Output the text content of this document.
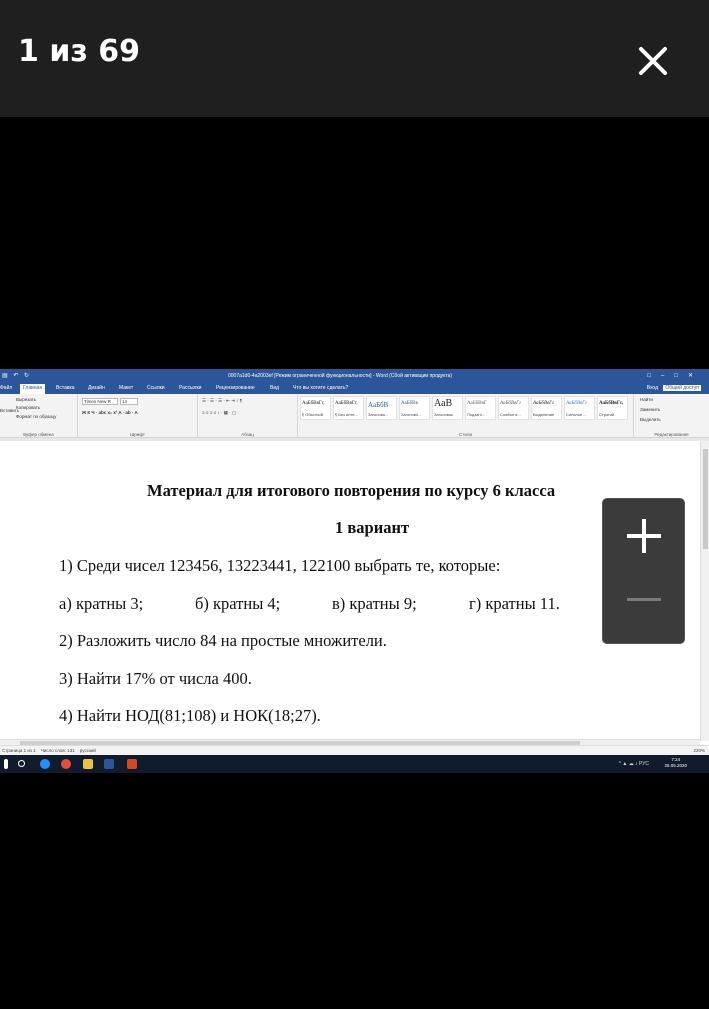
1 из 69
▤ ↶ ↻	0007a1d0-4a2003ef [Режим ограниченной функциональности] - Word (Сбой активации продукта)	□–□✕
Файл	Главная	Вставка	Дизайн	Макет	Ссылки	Рассылки	Рецензирование	Вид	Что вы хотите сделать?	Вход Общий доступ
Вставить
Вырезать
Копировать
Формат по образцу
Буфер обмена
Times New R	14
Ж К Ч · abc x₂ x² A · ab · A
Шрифт
☰ · ☰ · ☰ · ⇤ ⇥ ↕ ¶
≡ ≡ ≡ ≡ ↕ · ▦ · ▢ ·
Абзац
АаБбВвГг,
¶ Обычный
АаБбВвГг,
¶ Без инте...
АаБбВ
Заголово...
АаБбВв
Заголово...
АаВ
Заголовок
АаБбВвГ
Подзаго...
АаБбВвГг
Слабое в...
АаБбВвГг
Выделение
АаБбВвГг
Сильное ...
АаБбВвГг,
Строгий
Стили
Найти
Заменить
Выделить
Редактирование
Страница 1 из 1 Число слов: 131 русский	220%
^ ▲ ☁ ♪ РУС
7:24
25.05.2020
Материал для итогового повторения по курсу 6 класса
1 вариант
1) Среди чисел 123456, 13223441, 122100 выбрать те, которые:
а) кратны 3;	б) кратны 4;	в) кратны 9;	г) кратны 11.
2) Разложить число 84 на простые множители.
3) Найти 17% от числа 400.
4) Найти НОД(81;108) и НОК(18;27).
